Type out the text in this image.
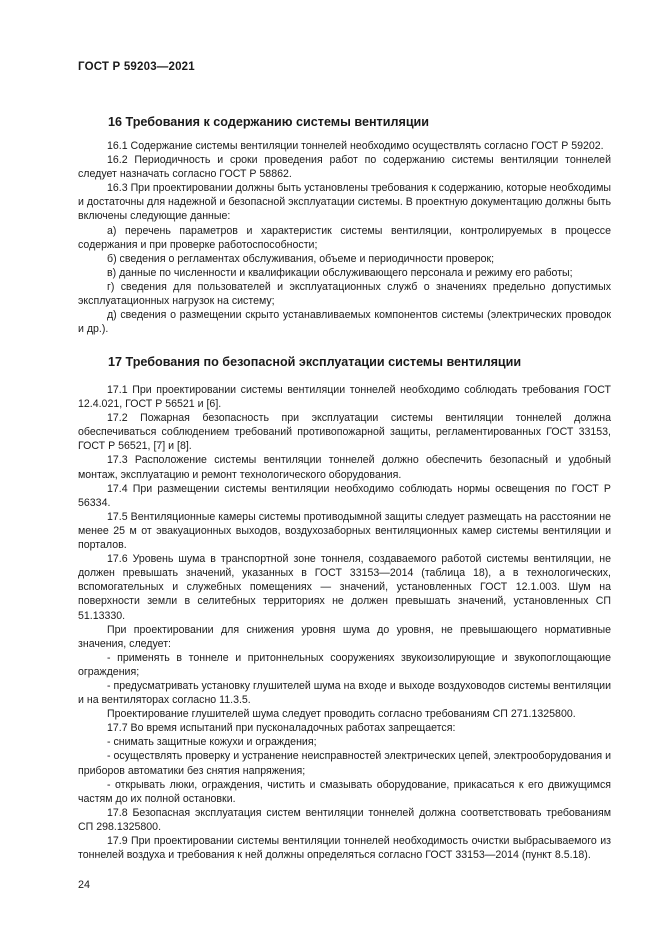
ГОСТ Р 59203—2021
16 Требования к содержанию системы вентиляции

16.1 Содержание системы вентиляции тоннелей необходимо осуществлять согласно ГОСТ Р 59202.

16.2 Периодичность и сроки проведения работ по содержанию системы вентиляции тоннелей следует назначать согласно ГОСТ Р 58862.

16.3 При проектировании должны быть установлены требования к содержанию, которые необходимы и достаточны для надежной и безопасной эксплуатации системы. В проектную документацию должны быть включены следующие данные:

а) перечень параметров и характеристик системы вентиляции, контролируемых в процессе содержания и при проверке работоспособности;

б) сведения о регламентах обслуживания, объеме и периодичности проверок;

в) данные по численности и квалификации обслуживающего персонала и режиму его работы;

г) сведения для пользователей и эксплуатационных служб о значениях предельно допустимых эксплуатационных нагрузок на систему;

д) сведения о размещении скрыто устанавливаемых компонентов системы (электрических проводок и др.).

17 Требования по безопасной эксплуатации системы вентиляции

17.1 При проектировании системы вентиляции тоннелей необходимо соблюдать требования ГОСТ 12.4.021, ГОСТ Р 56521 и [6].

17.2 Пожарная безопасность при эксплуатации системы вентиляции тоннелей должна обеспечиваться соблюдением требований противопожарной защиты, регламентированных ГОСТ 33153, ГОСТ Р 56521, [7] и [8].

17.3 Расположение системы вентиляции тоннелей должно обеспечить безопасный и удобный монтаж, эксплуатацию и ремонт технологического оборудования.

17.4 При размещении системы вентиляции необходимо соблюдать нормы освещения по ГОСТ Р 56334.

17.5 Вентиляционные камеры системы противодымной защиты следует размещать на расстоянии не менее 25 м от эвакуационных выходов, воздухозаборных вентиляционных камер системы вентиляции и порталов.

17.6 Уровень шума в транспортной зоне тоннеля, создаваемого работой системы вентиляции, не должен превышать значений, указанных в ГОСТ 33153—2014 (таблица 18), а в технологических, вспомогательных и служебных помещениях — значений, установленных ГОСТ 12.1.003. Шум на поверхности земли в селитебных территориях не должен превышать значений, установленных СП 51.13330.

При проектировании для снижения уровня шума до уровня, не превышающего нормативные значения, следует:

- применять в тоннеле и притоннельных сооружениях звукоизолирующие и звукопоглощающие ограждения;

- предусматривать установку глушителей шума на входе и выходе воздуховодов системы вентиляции и на вентиляторах согласно 11.3.5.

Проектирование глушителей шума следует проводить согласно требованиям СП 271.1325800.

17.7 Во время испытаний при пусконаладочных работах запрещается:

- снимать защитные кожухи и ограждения;

- осуществлять проверку и устранение неисправностей электрических цепей, электрооборудования и приборов автоматики без снятия напряжения;

- открывать люки, ограждения, чистить и смазывать оборудование, прикасаться к его движущимся частям до их полной остановки.

17.8 Безопасная эксплуатация систем вентиляции тоннелей должна соответствовать требованиям СП 298.1325800.

17.9 При проектировании системы вентиляции тоннелей необходимость очистки выбрасываемого из тоннелей воздуха и требования к ней должны определяться согласно ГОСТ 33153—2014 (пункт 8.5.18).

24
